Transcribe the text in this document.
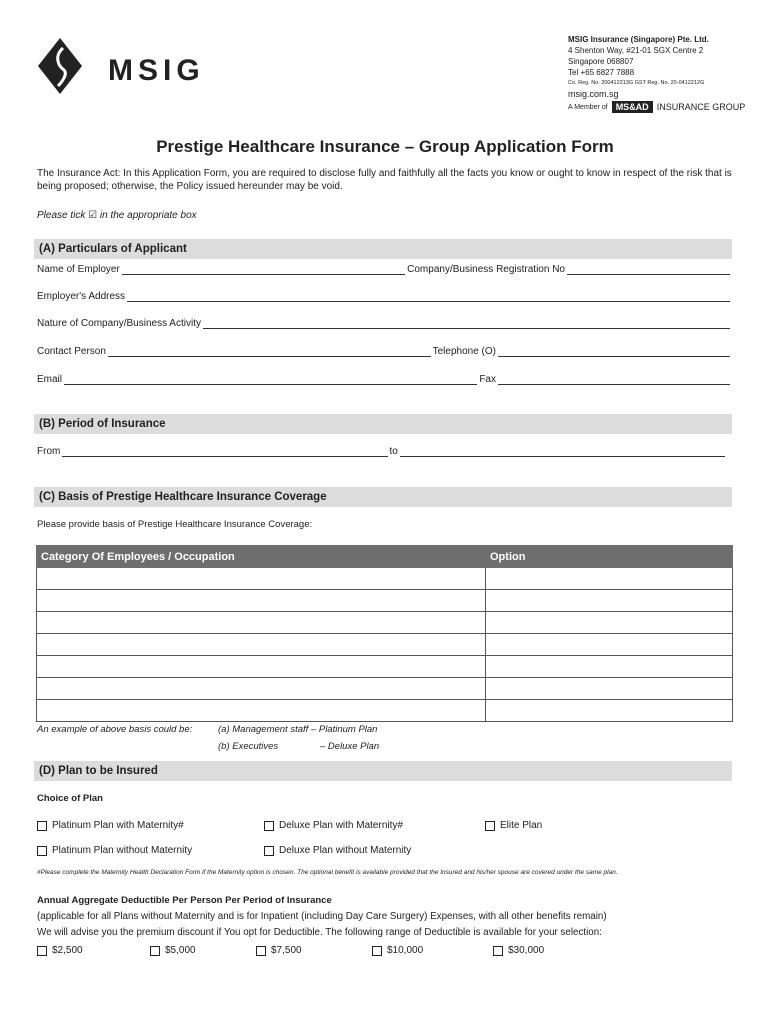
MSIG
MSIG Insurance (Singapore) Pte. Ltd.
4 Shenton Way, #21-01 SGX Centre 2
Singapore 068807
Tel +65 6827 7888
Co. Reg. No. 200412213G GST Reg. No. 20-0412212G
msig.com.sg
A Member of MS&AD INSURANCE GROUP
Prestige Healthcare Insurance – Group Application Form
The Insurance Act: In this Application Form, you are required to disclose fully and faithfully all the facts you know or ought to know in respect of the risk that is being proposed; otherwise, the Policy issued hereunder may be void.
Please tick ☑ in the appropriate box
(A) Particulars of Applicant
Name of Employer	Company/Business Registration No
Employer's Address
Nature of Company/Business Activity
Contact Person	Telephone (O)
Email	Fax
(B) Period of Insurance
From	to
(C) Basis of Prestige Healthcare Insurance Coverage
Please provide basis of Prestige Healthcare Insurance Coverage:
Category Of Employees / Occupation	Option

An example of above basis could be:	(a) Management staff – Platinum Plan
(b) Executives	– Deluxe Plan
(D) Plan to be Insured
Choice of Plan
Platinum Plan with Maternity#	Deluxe Plan with Maternity#	Elite Plan
Platinum Plan without Maternity	Deluxe Plan without Maternity
#Please complete the Maternity Health Declaration Form if the Maternity option is chosen. The optional benefit is available provided that the Insured and his/her spouse are covered under the same plan.
Annual Aggregate Deductible Per Person Per Period of Insurance
(applicable for all Plans without Maternity and is for Inpatient (including Day Care Surgery) Expenses, with all other benefits remain)
We will advise you the premium discount if You opt for Deductible. The following range of Deductible is available for your selection:
$2,500	$5,000	$7,500	$10,000	$30,000
